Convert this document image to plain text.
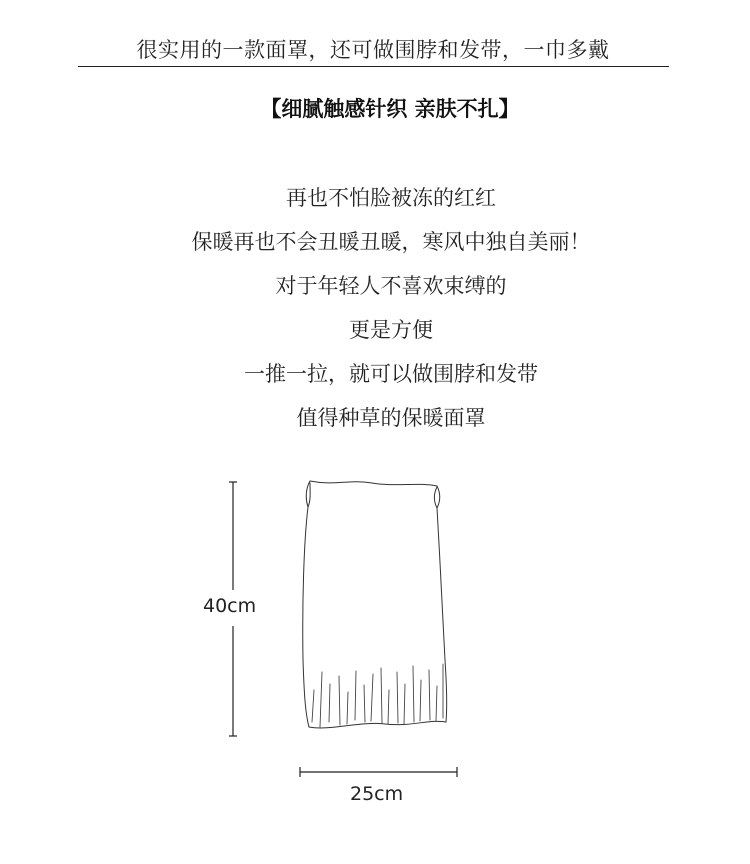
很实用的一款面罩，还可做围脖和发带，一巾多戴
【细腻触感针织 亲肤不扎】
再也不怕脸被冻的红红
保暖再也不会丑暖丑暖，寒风中独自美丽！
对于年轻人不喜欢束缚的
更是方便
一推一拉，就可以做围脖和发带
值得种草的保暖面罩
40cm
25cm
